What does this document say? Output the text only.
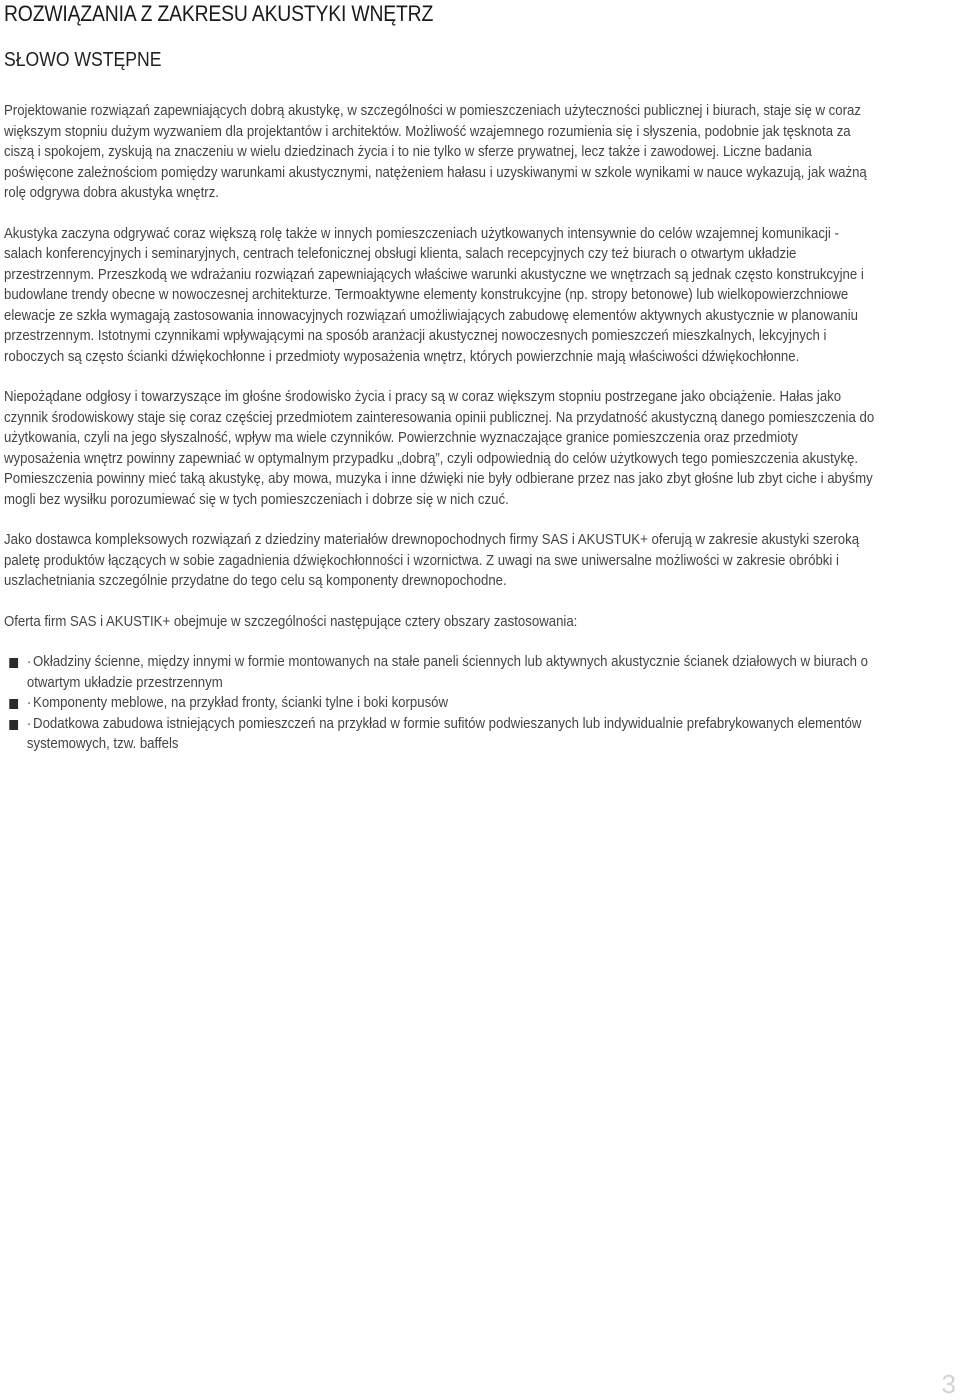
ROZWIĄZANIA Z ZAKRESU AKUSTYKI WNĘTRZ
SŁOWO WSTĘPNE

Projektowanie rozwiązań zapewniających dobrą akustykę, w szczególności w pomieszczeniach użyteczności publicznej i biurach, staje się w coraz większym stopniu dużym wyzwaniem dla projektantów i architektów. Możliwość wzajemnego rozumienia się i słyszenia, podobnie jak tęsknota za ciszą i spokojem, zyskują na znaczeniu w wielu dziedzinach życia i to nie tylko w sferze prywatnej, lecz także i zawodowej. Liczne badania poświęcone zależnościom pomiędzy warunkami akustycznymi, natężeniem hałasu i uzyskiwanymi w szkole wynikami w nauce wykazują, jak ważną rolę odgrywa dobra akustyka wnętrz.

Akustyka zaczyna odgrywać coraz większą rolę także w innych pomieszczeniach użytkowanych intensywnie do celów wzajemnej komunikacji - salach konferencyjnych i seminaryjnych, centrach telefonicznej obsługi klienta, salach recepcyjnych czy też biurach o otwartym układzie przestrzennym. Przeszkodą we wdrażaniu rozwiązań zapewniających właściwe warunki akustyczne we wnętrzach są jednak często konstrukcyjne i budowlane trendy obecne w nowoczesnej architekturze. Termoaktywne elementy konstrukcyjne (np. stropy betonowe) lub wielkopowierzchniowe elewacje ze szkła wymagają zastosowania innowacyjnych rozwiązań umożliwiających zabudowę elementów aktywnych akustycznie w planowaniu przestrzennym. Istotnymi czynnikami wpływającymi na sposób aranżacji akustycznej nowoczesnych pomieszczeń mieszkalnych, lekcyjnych i roboczych są często ścianki dźwiękochłonne i przedmioty wyposażenia wnętrz, których powierzchnie mają właściwości dźwiękochłonne.

Niepożądane odgłosy i towarzyszące im głośne środowisko życia i pracy są w coraz większym stopniu postrzegane jako obciążenie. Hałas jako czynnik środowiskowy staje się coraz częściej przedmiotem zainteresowania opinii publicznej. Na przydatność akustyczną danego pomieszczenia do użytkowania, czyli na jego słyszalność, wpływ ma wiele czynników. Powierzchnie wyznaczające granice pomieszczenia oraz przedmioty wyposażenia wnętrz powinny zapewniać w optymalnym przypadku „dobrą”, czyli odpowiednią do celów użytkowych tego pomieszczenia akustykę. Pomieszczenia powinny mieć taką akustykę, aby mowa, muzyka i inne dźwięki nie były odbierane przez nas jako zbyt głośne lub zbyt ciche i abyśmy mogli bez wysiłku porozumiewać się w tych pomieszczeniach i dobrze się w nich czuć.

Jako dostawca kompleksowych rozwiązań z dziedziny materiałów drewnopochodnych firmy SAS i AKUSTUK+ oferują w zakresie akustyki szeroką paletę produktów łączących w sobie zagadnienia dźwiękochłonności i wzornictwa. Z uwagi na swe uniwersalne możliwości w zakresie obróbki i uszlachetniania szczególnie przydatne do tego celu są komponenty drewnopochodne.

Oferta firm SAS i AKUSTIK+ obejmuje w szczególności następujące cztery obszary zastosowania:

· Okładziny ścienne, między innymi w formie montowanych na stałe paneli ściennych lub aktywnych akustycznie ścianek działowych w biurach o otwartym układzie przestrzennym
· Komponenty meblowe, na przykład fronty, ścianki tylne i boki korpusów
· Dodatkowa zabudowa istniejących pomieszczeń na przykład w formie sufitów podwieszanych lub indywidualnie prefabrykowanych elementów systemowych, tzw. baffels
3
